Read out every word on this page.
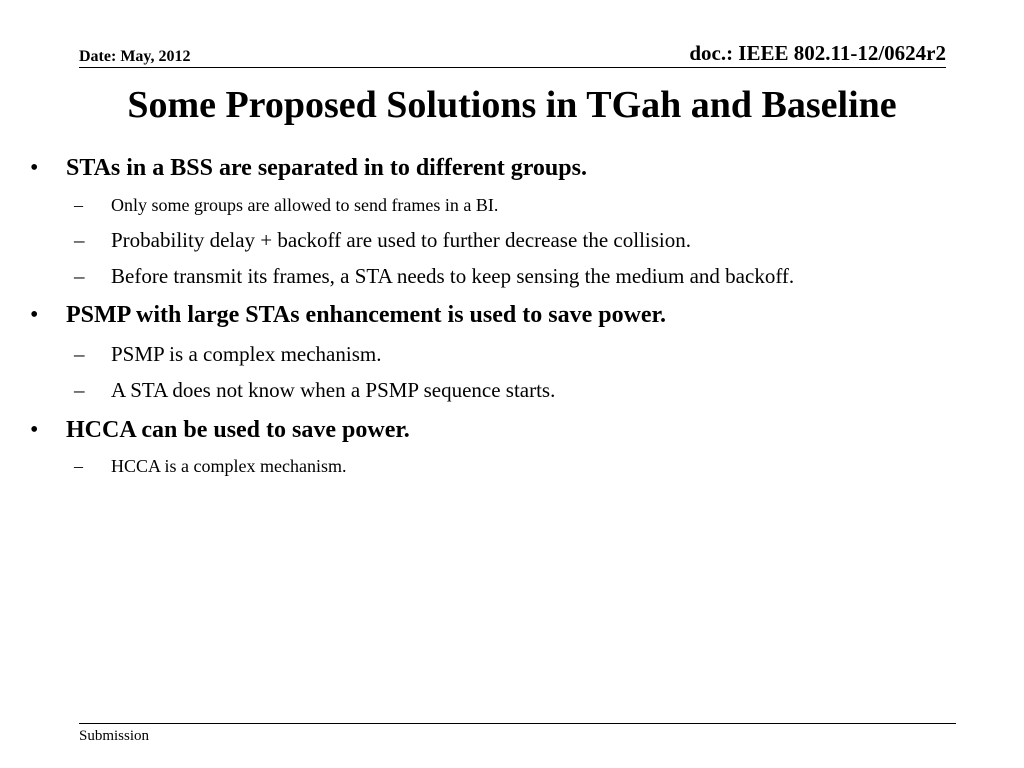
Date: May, 2012	doc.: IEEE 802.11-12/0624r2
Some Proposed Solutions in TGah and Baseline
• STAs in a BSS are separated in to different groups.
– Only some groups are allowed to send frames in a BI.
– Probability delay + backoff are used to further decrease the collision.
– Before transmit its frames, a STA needs to keep sensing the medium and backoff.
• PSMP with large STAs enhancement is used to save power.
– PSMP is a complex mechanism.
– A STA does not know when a PSMP sequence starts.
• HCCA can be used to save power.
– HCCA is a complex mechanism.
Submission
